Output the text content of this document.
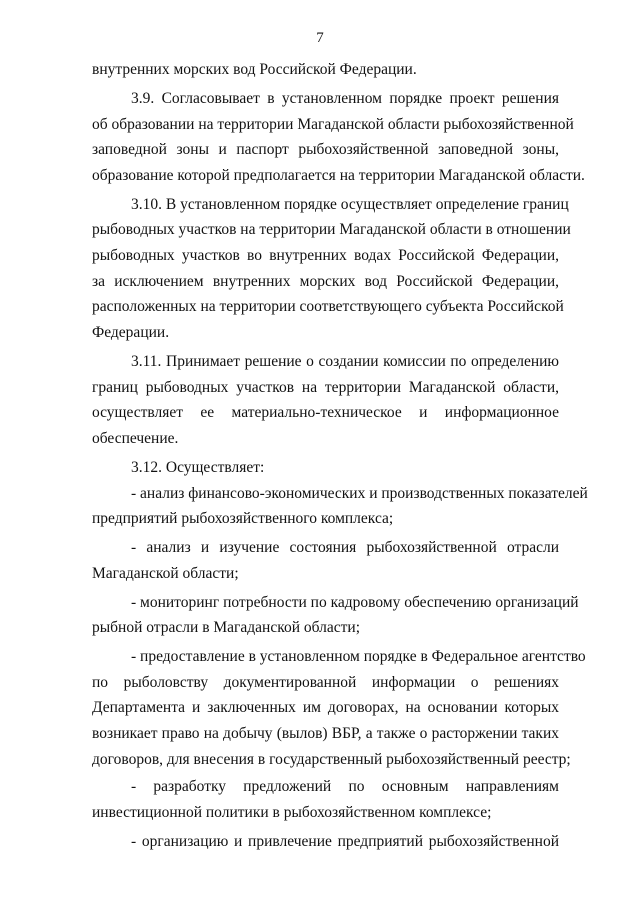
7
внутренних морских вод Российской Федерации.
3.9. Согласовывает в установленном порядке проект решения
об образовании на территории Магаданской области рыбохозяйственной
заповедной зоны и паспорт рыбохозяйственной заповедной зоны,
образование которой предполагается на территории Магаданской области.
3.10. В установленном порядке осуществляет определение границ
рыбоводных участков на территории Магаданской области в отношении
рыбоводных участков во внутренних водах Российской Федерации,
за исключением внутренних морских вод Российской Федерации,
расположенных на территории соответствующего субъекта Российской
Федерации.
3.11. Принимает решение о создании комиссии по определению
границ рыбоводных участков на территории Магаданской области,
осуществляет ее материально-техническое и информационное
обеспечение.
3.12. Осуществляет:
- анализ финансово-экономических и производственных показателей
предприятий рыбохозяйственного комплекса;
- анализ и изучение состояния рыбохозяйственной отрасли
Магаданской области;
- мониторинг потребности по кадровому обеспечению организаций
рыбной отрасли в Магаданской области;
- предоставление в установленном порядке в Федеральное агентство
по рыболовству документированной информации о решениях
Департамента и заключенных им договорах, на основании которых
возникает право на добычу (вылов) ВБР, а также о расторжении таких
договоров, для внесения в государственный рыбохозяйственный реестр;
- разработку предложений по основным направлениям
инвестиционной политики в рыбохозяйственном комплексе;
- организацию и привлечение предприятий рыбохозяйственной
